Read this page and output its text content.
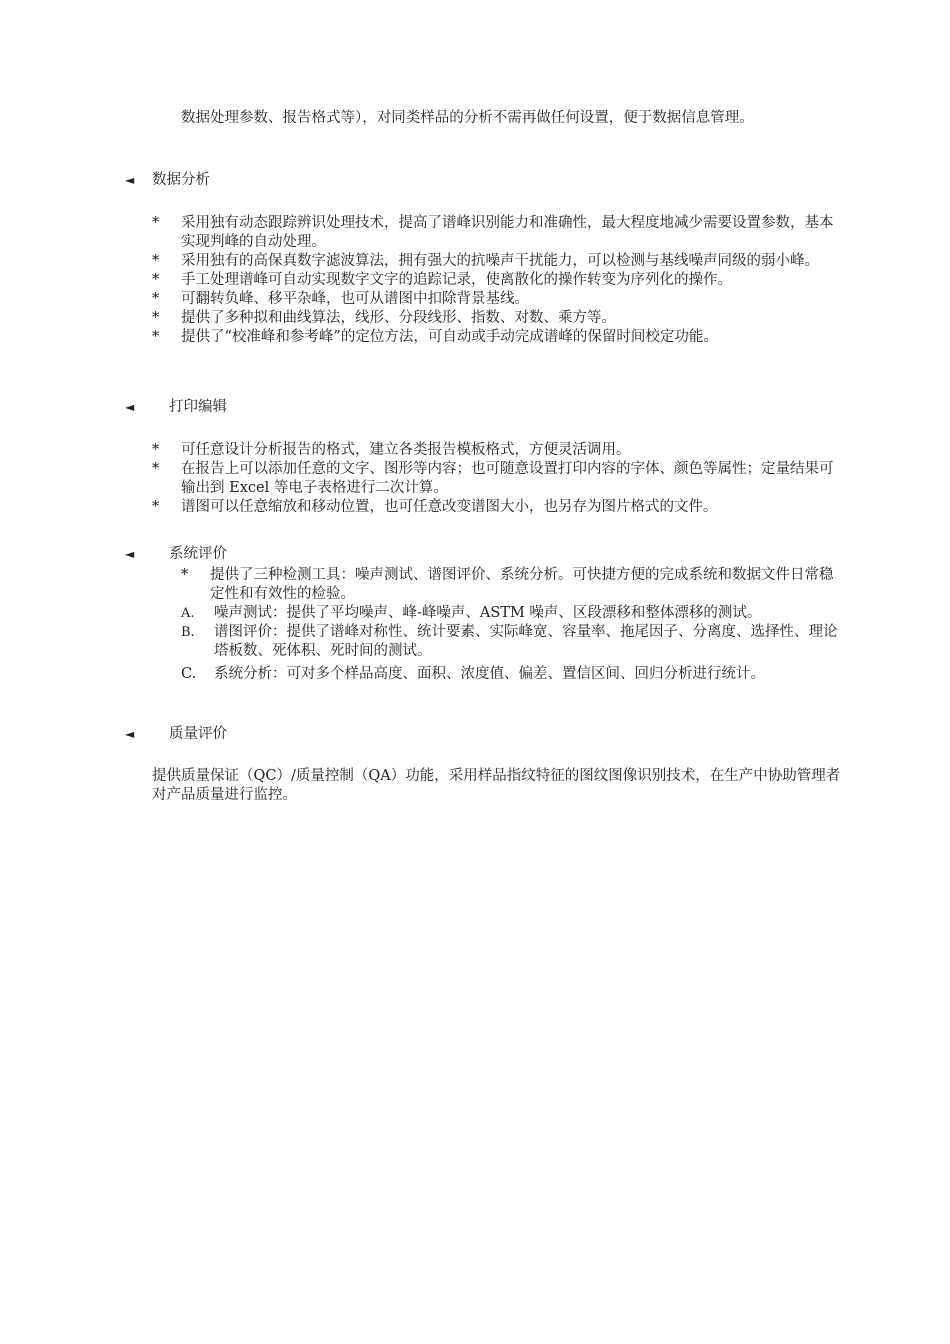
数据处理参数、报告格式等），对同类样品的分析不需再做任何设置，便于数据信息管理。
◄	数据分析
*	采用独有动态跟踪辨识处理技术，提高了谱峰识别能力和准确性，最大程度地减少需要设置参数，基本实现判峰的自动处理。
*	采用独有的高保真数字滤波算法，拥有强大的抗噪声干扰能力，可以检测与基线噪声同级的弱小峰。
*	手工处理谱峰可自动实现数字文字的追踪记录，使离散化的操作转变为序列化的操作。
*	可翻转负峰、移平杂峰，也可从谱图中扣除背景基线。
*	提供了多种拟和曲线算法，线形、分段线形、指数、对数、乘方等。
*	提供了“校准峰和参考峰”的定位方法，可自动或手动完成谱峰的保留时间校定功能。
◄	打印编辑
*	可任意设计分析报告的格式，建立各类报告模板格式，方便灵活调用。
*	在报告上可以添加任意的文字、图形等内容；也可随意设置打印内容的字体、颜色等属性；定量结果可输出到 Excel 等电子表格进行二次计算。
*	谱图可以任意缩放和移动位置，也可任意改变谱图大小，也另存为图片格式的文件。
◄	系统评价
*	提供了三种检测工具：噪声测试、谱图评价、系统分析。可快捷方便的完成系统和数据文件日常稳定性和有效性的检验。
A.	噪声测试：提供了平均噪声、峰-峰噪声、ASTM 噪声、区段漂移和整体漂移的测试。
B.	谱图评价：提供了谱峰对称性、统计要素、实际峰宽、容量率、拖尾因子、分离度、选择性、理论塔板数、死体积、死时间的测试。
C.	系统分析：可对多个样品高度、面积、浓度值、偏差、置信区间、回归分析进行统计。
◄	质量评价
提供质量保证（QC）/质量控制（QA）功能，采用样品指纹特征的图纹图像识别技术，在生产中协助管理者对产品质量进行监控。
